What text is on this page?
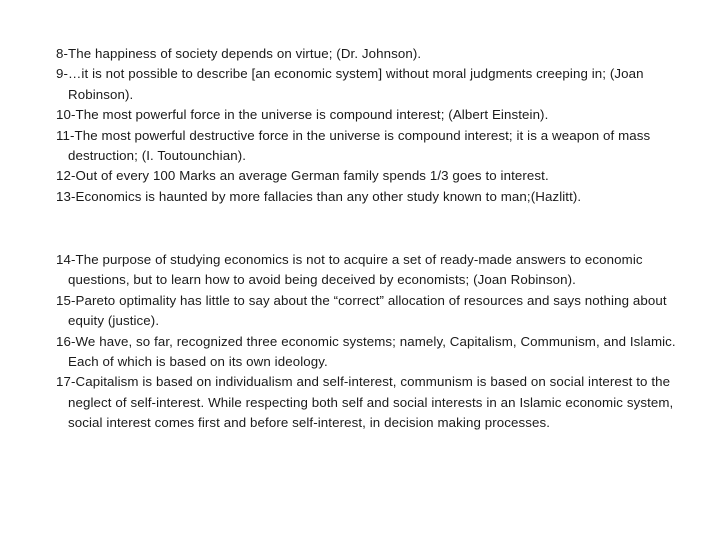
8-The happiness of society depends on virtue; (Dr. Johnson).

9-…it is not possible to describe [an economic system] without moral judgments creeping in; (Joan Robinson).

10-The most powerful force in the universe is compound interest; (Albert Einstein).

11-The most powerful destructive force in the universe is compound interest; it is a weapon of mass destruction; (I. Toutounchian).

12-Out of every 100 Marks an average German family spends 1/3 goes to interest.

13-Economics is haunted by more fallacies than any other study known to man;(Hazlitt).

14-The purpose of studying economics is not to acquire a set of ready-made answers to economic questions, but to learn how to avoid being deceived by economists; (Joan Robinson).

15-Pareto optimality has little to say about the “correct” allocation of resources and says nothing about equity (justice).

16-We have, so far, recognized three economic systems; namely, Capitalism, Communism, and Islamic. Each of which is based on its own ideology.

17-Capitalism is based on individualism and self-interest, communism is based on social interest to the neglect of self-interest. While respecting both self and social interests in an Islamic economic system, social interest comes first and before self-interest, in decision making processes.
